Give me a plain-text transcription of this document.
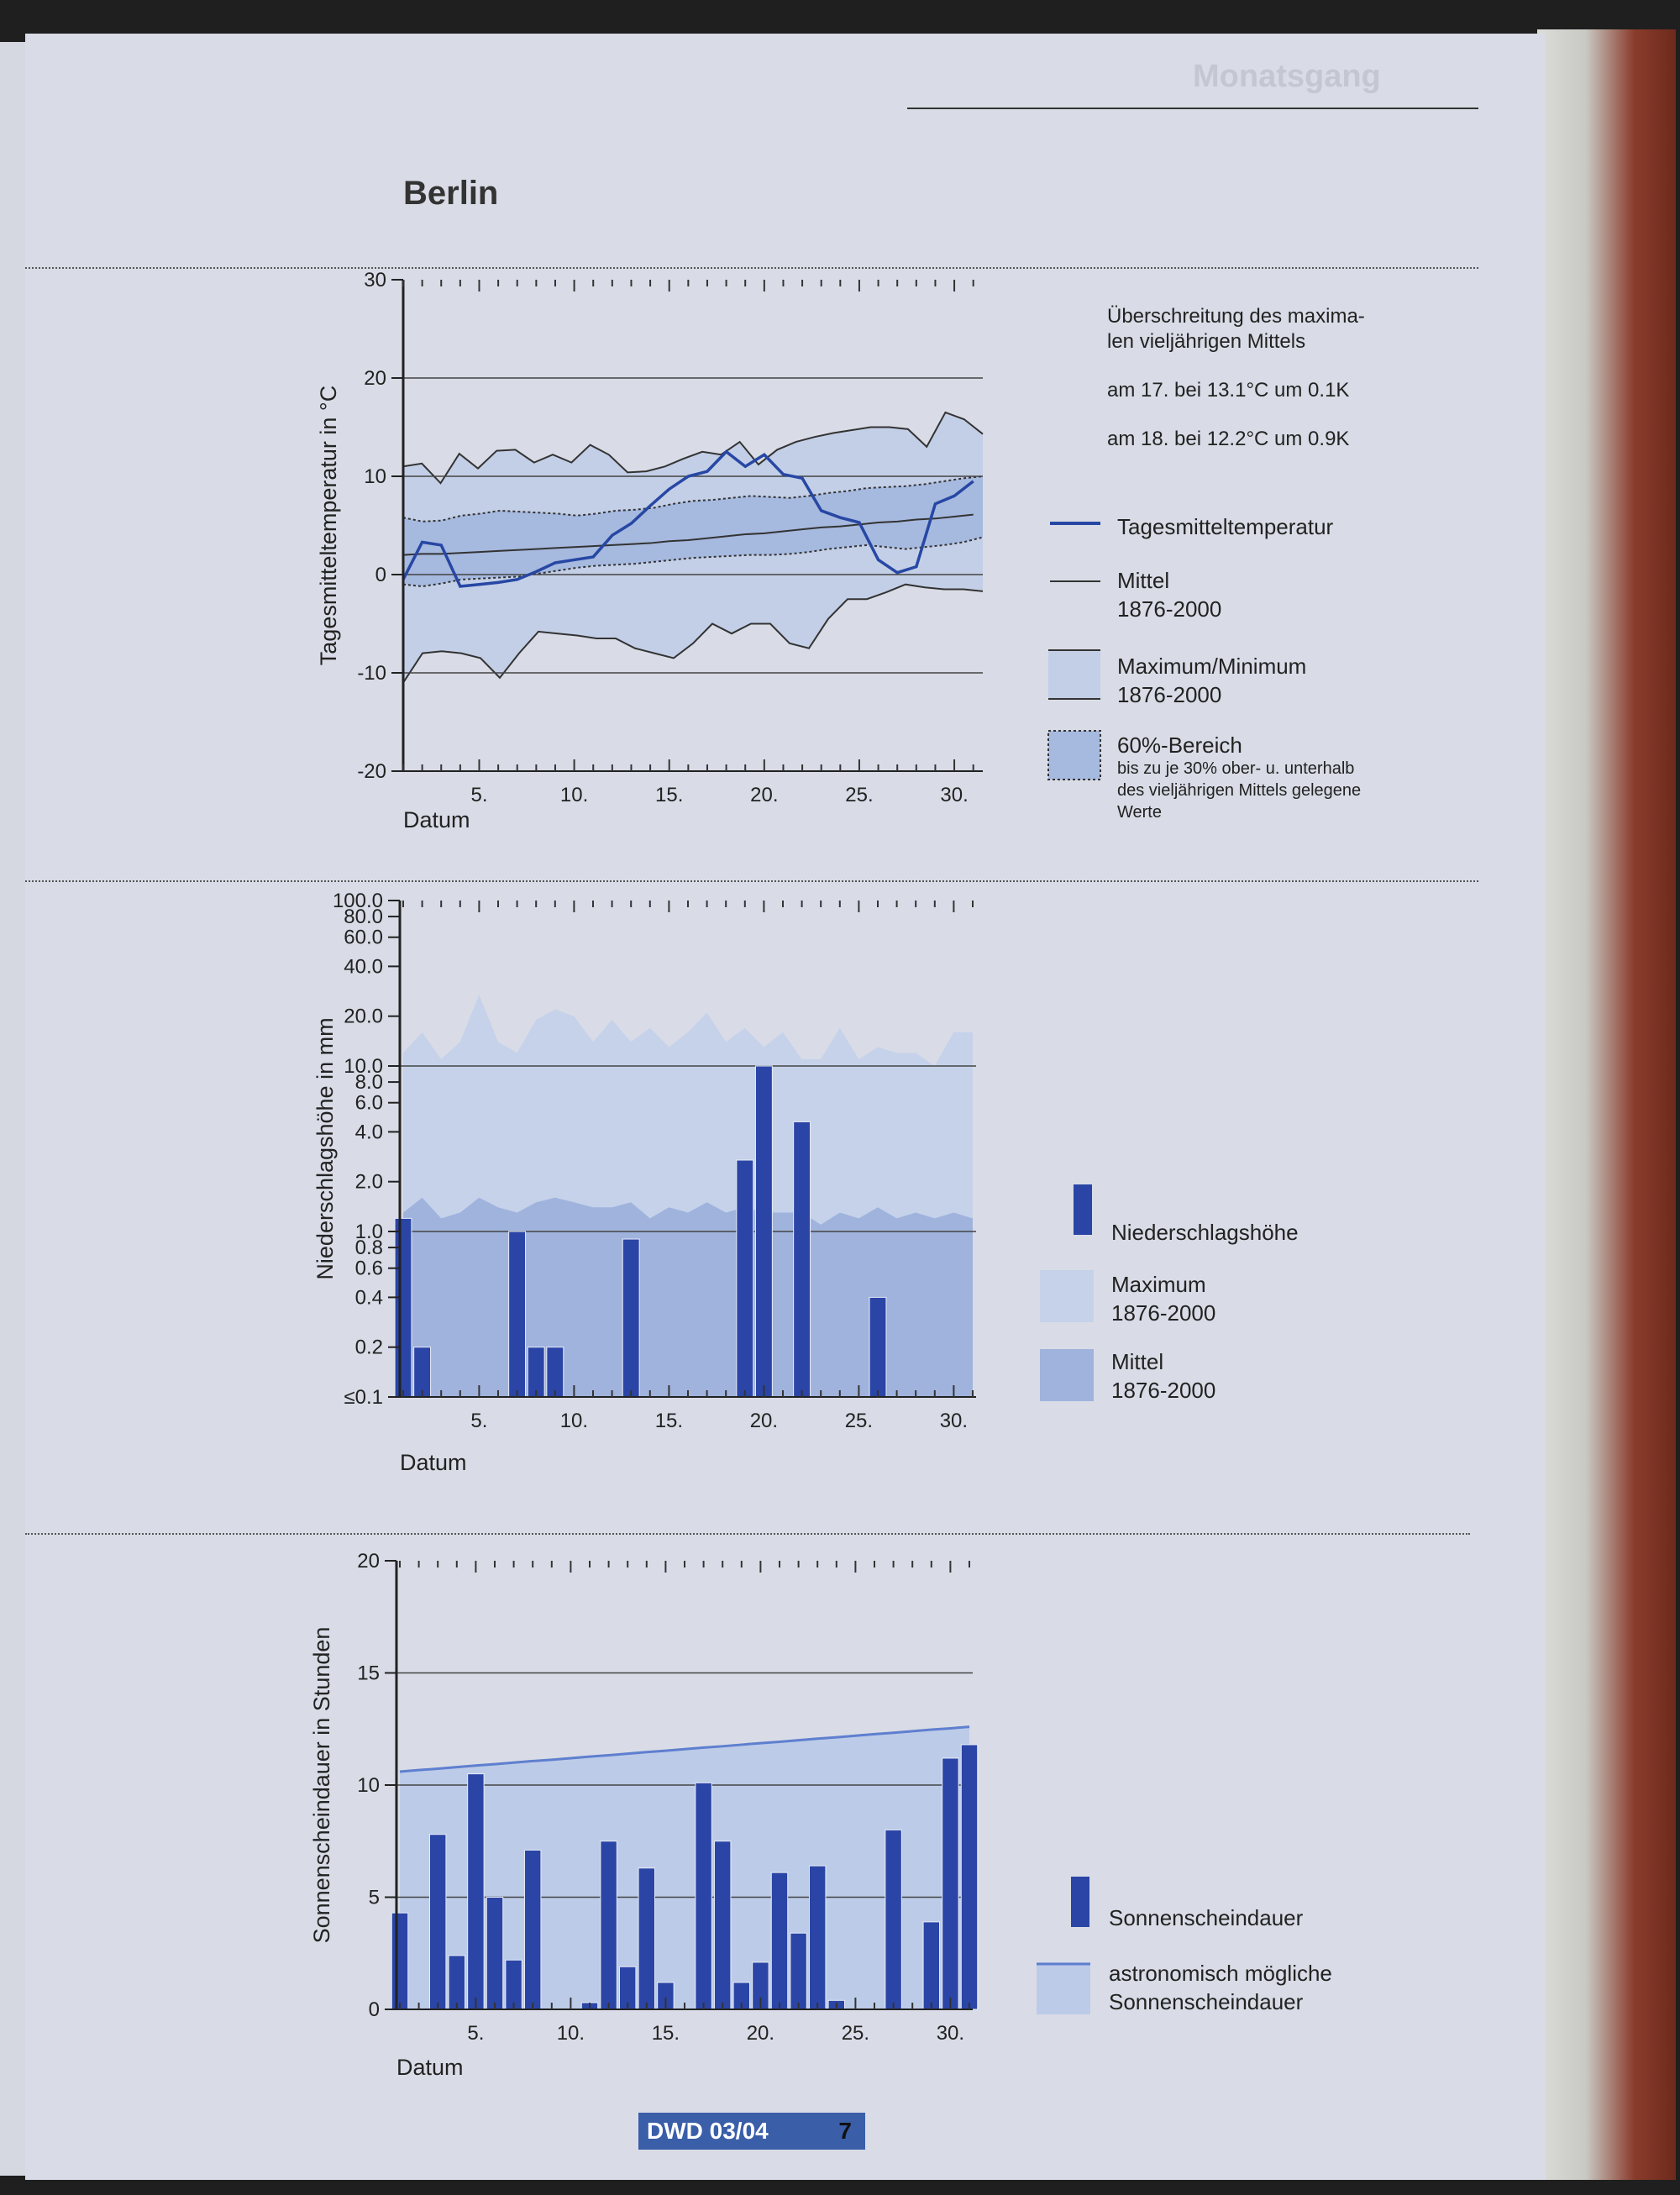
Monatsgang
Berlin
5.	10.	15.	20.	25.	30.
30
20
10
0
-10
-20
Tagesmitteltemperatur in °C
Datum
5.	10.	15.	20.	25.	30.
100.0
80.0
60.0
40.0
20.0
10.0
8.0
6.0
4.0
2.0
1.0
0.8
0.6
0.4
0.2
≤0.1
Niederschlagshöhe in mm
Datum
5.	10.	15.	20.	25.	30.
20
15
10
5
0
Sonnenscheindauer in Stunden
Datum
Überschreitung des maxima-
len vieljährigen Mittels
am 17. bei 13.1°C um 0.1K
am 18. bei 12.2°C um 0.9K
Tagesmitteltemperatur
Mittel
1876-2000
Maximum/Minimum
1876-2000
60%-Bereich
bis zu je 30% ober- u. unterhalb
des vieljährigen Mittels gelegene
Werte
Niederschlagshöhe
Maximum
1876-2000
Mittel
1876-2000
Sonnenscheindauer
astronomisch mögliche
Sonnenscheindauer
DWD 03/04	7
